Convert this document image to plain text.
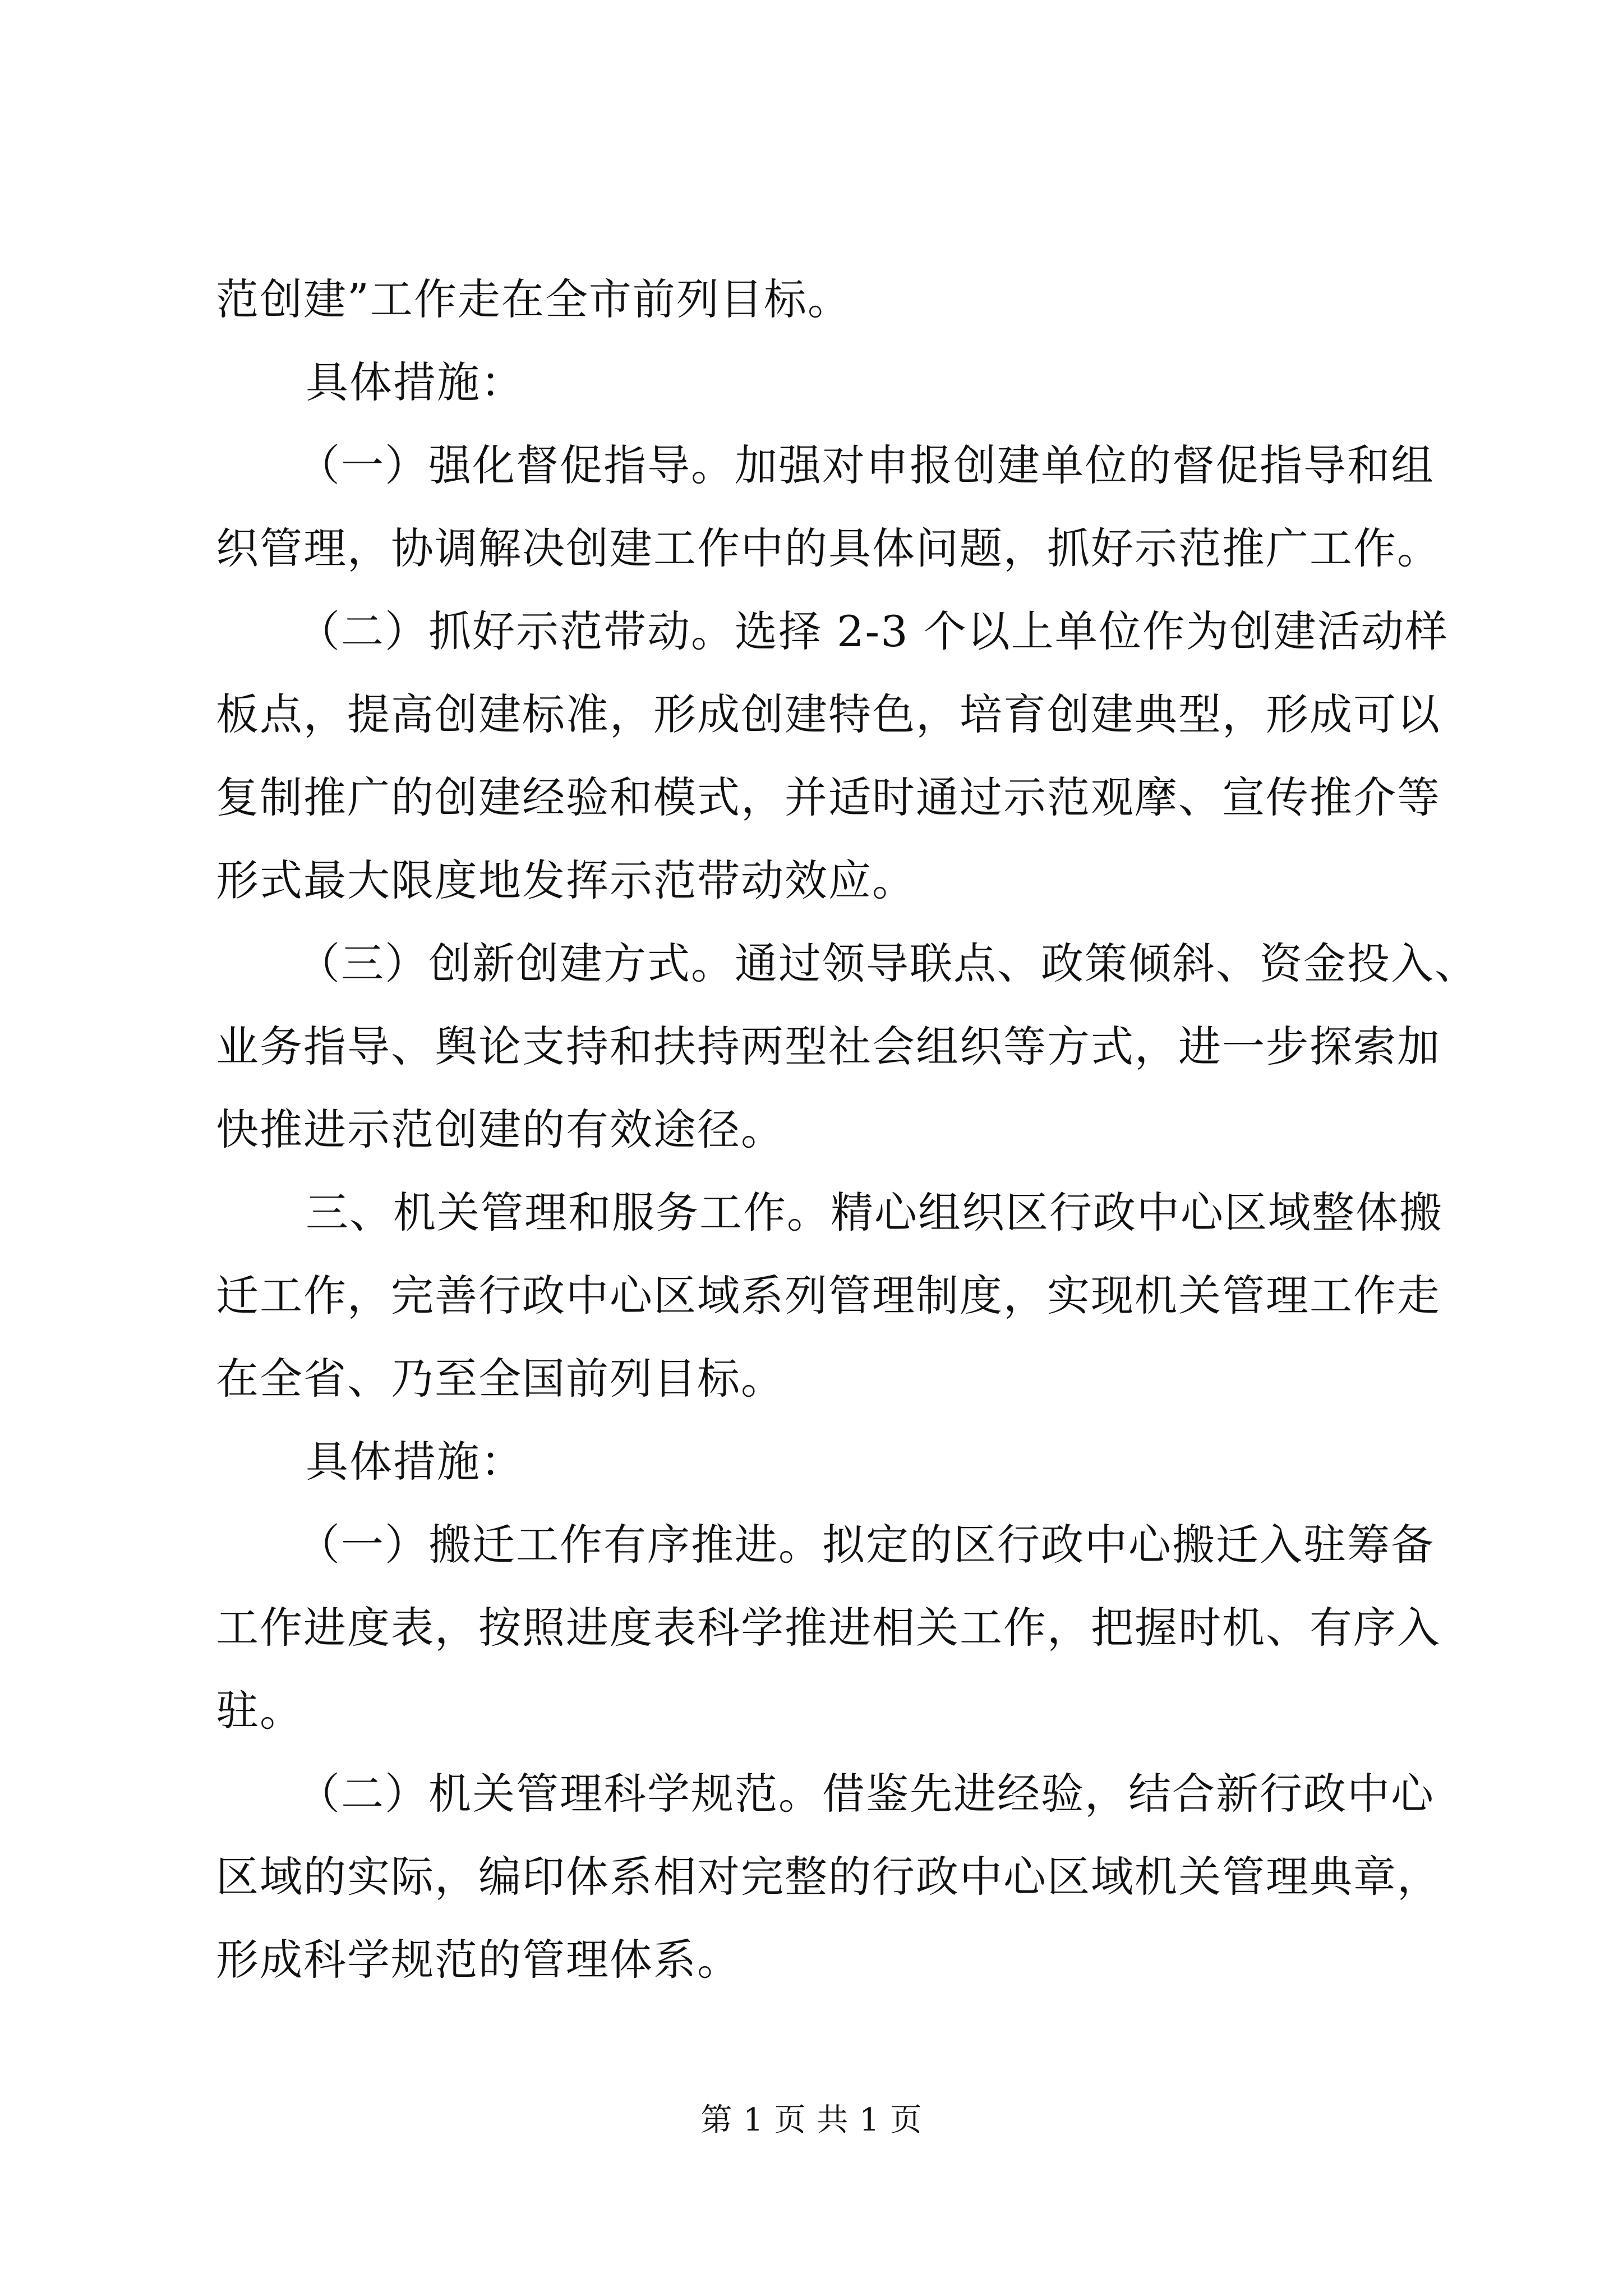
范创建”工作走在全市前列目标。

具体措施：

（一）强化督促指导。加强对申报创建单位的督促指导和组
织管理，协调解决创建工作中的具体问题，抓好示范推广工作。

（二）抓好示范带动。选择 2-3 个以上单位作为创建活动样
板点，提高创建标准，形成创建特色，培育创建典型，形成可以
复制推广的创建经验和模式，并适时通过示范观摩、宣传推介等
形式最大限度地发挥示范带动效应。

（三）创新创建方式。通过领导联点、政策倾斜、资金投入、
业务指导、舆论支持和扶持两型社会组织等方式，进一步探索加
快推进示范创建的有效途径。

三、机关管理和服务工作。精心组织区行政中心区域整体搬
迁工作，完善行政中心区域系列管理制度，实现机关管理工作走
在全省、乃至全国前列目标。

具体措施：

（一）搬迁工作有序推进。拟定的区行政中心搬迁入驻筹备
工作进度表，按照进度表科学推进相关工作，把握时机、有序入
驻。

（二）机关管理科学规范。借鉴先进经验，结合新行政中心
区域的实际，编印体系相对完整的行政中心区域机关管理典章，
形成科学规范的管理体系。

第 1 页 共 1 页
